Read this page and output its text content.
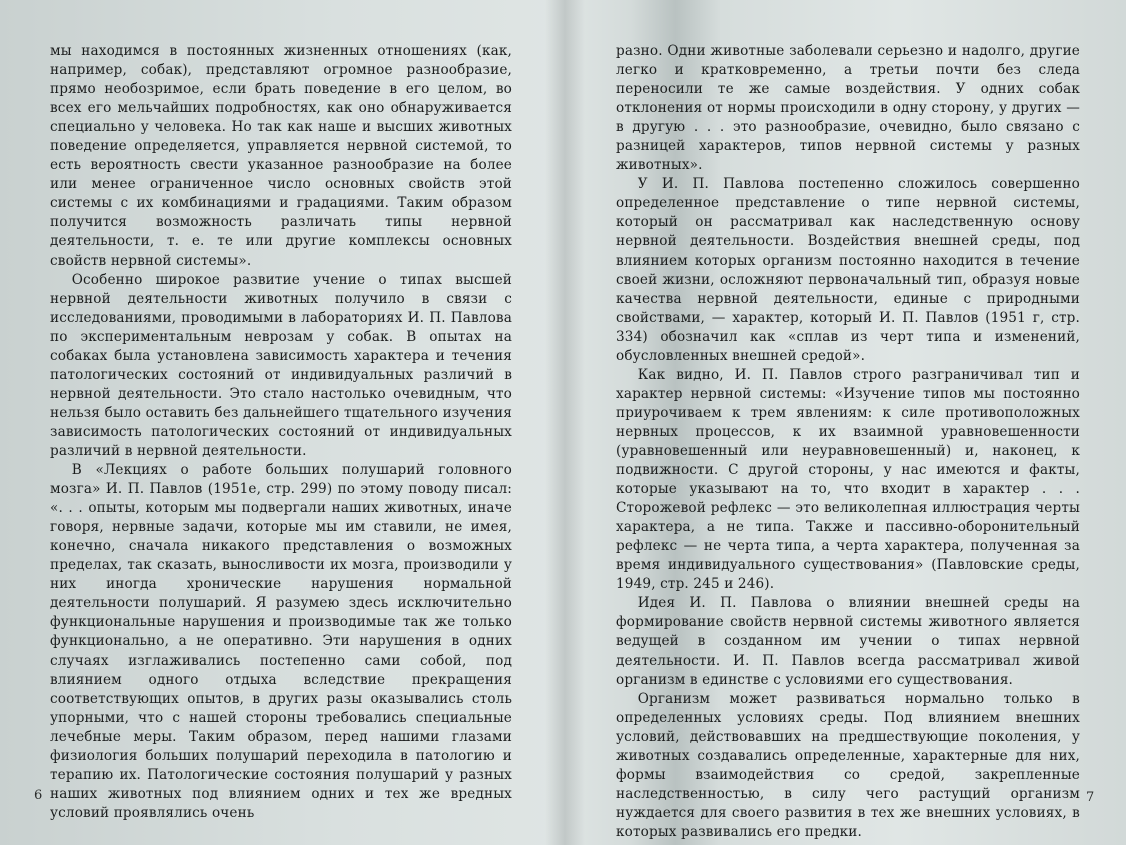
мы находимся в постоянных жизненных отношениях (как, например, собак), представляют огромное разнообразие, прямо необозримое, если брать поведение в его целом, во всех его мельчайших подробностях, как оно обнаруживается специально у человека. Но так как наше и высших животных поведение определяется, управляется нервной системой, то есть вероятность свести указанное разнообразие на более или менее ограниченное число основных свойств этой системы с их комбинациями и градациями. Таким образом получится возможность различать типы нервной деятельности, т. е. те или другие комплексы основных свойств нервной системы».

Особенно широкое развитие учение о типах высшей нервной деятельности животных получило в связи с исследованиями, проводимыми в лабораториях И. П. Павлова по экспериментальным неврозам у собак. В опытах на собаках была установлена зависимость характера и течения патологических состояний от индивидуальных различий в нервной деятельности. Это стало настолько очевидным, что нельзя было оставить без дальнейшего тщательного изучения зависимость патологических состояний от индивидуальных различий в нервной деятельности.

В «Лекциях о работе больших полушарий головного мозга» И. П. Павлов (1951е, стр. 299) по этому поводу писал: «. . . опыты, которым мы подвергали наших животных, иначе говоря, нервные задачи, которые мы им ставили, не имея, конечно, сначала никакого представления о возможных пределах, так сказать, выносливости их мозга, производили у них иногда хронические нарушения нормальной деятельности полушарий. Я разумею здесь исключительно функциональные нарушения и производимые так же только функционально, а не оперативно. Эти нарушения в одних случаях изглаживались постепенно сами собой, под влиянием одного отдыха вследствие прекращения соответствующих опытов, в других разы оказывались столь упорными, что с нашей стороны требовались специальные лечебные меры. Таким образом, перед нашими глазами физиология больших полушарий переходила в патологию и терапию их. Патологические состояния полушарий у разных наших животных под влиянием одних и тех же вредных условий проявлялись очень

разно. Одни животные заболевали серьезно и надолго, другие легко и кратковременно, а третьи почти без следа переносили те же самые воздействия. У одних собак отклонения от нормы происходили в одну сторону, у других — в другую . . . это разнообразие, очевидно, было связано с разницей характеров, типов нервной системы у разных животных».

У И. П. Павлова постепенно сложилось совершенно определенное представление о типе нервной системы, который он рассматривал как наследственную основу нервной деятельности. Воздействия внешней среды, под влиянием которых организм постоянно находится в течение своей жизни, осложняют первоначальный тип, образуя новые качества нервной деятельности, единые с природными свойствами, — характер, который И. П. Павлов (1951 г, стр. 334) обозначил как «сплав из черт типа и изменений, обусловленных внешней средой».

Как видно, И. П. Павлов строго разграничивал тип и характер нервной системы: «Изучение типов мы постоянно приурочиваем к трем явлениям: к силе противоположных нервных процессов, к их взаимной уравновешенности (уравновешенный или неуравновешенный) и, наконец, к подвижности. С другой стороны, у нас имеются и факты, которые указывают на то, что входит в характер . . . Сторожевой рефлекс — это великолепная иллюстрация черты характера, а не типа. Также и пассивно-оборонительный рефлекс — не черта типа, а черта характера, полученная за время индивидуального существования» (Павловские среды, 1949, стр. 245 и 246).

Идея И. П. Павлова о влиянии внешней среды на формирование свойств нервной системы животного является ведущей в созданном им учении о типах нервной деятельности. И. П. Павлов всегда рассматривал живой организм в единстве с условиями его существования.

Организм может развиваться нормально только в определенных условиях среды. Под влиянием внешних условий, действовавших на предшествующие поколения, у животных создавались определенные, характерные для них, формы взаимодействия со средой, закрепленные наследственностью, в силу чего растущий организм нуждается для своего развития в тех же внешних условиях, в которых развивались его предки.

6	7
